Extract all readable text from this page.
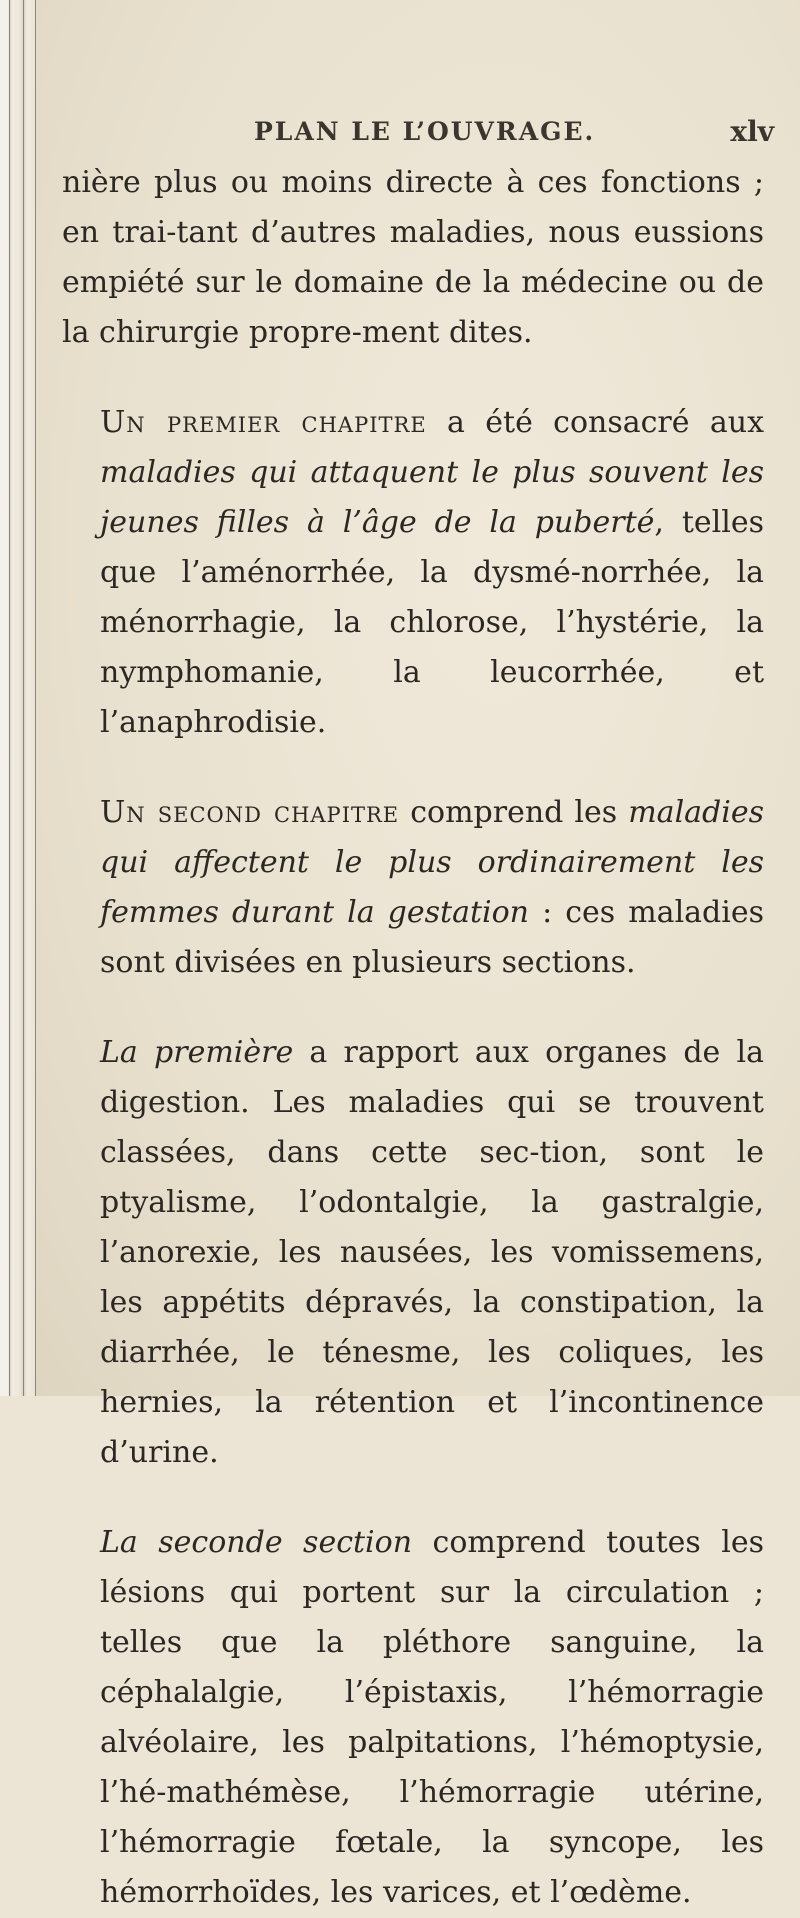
PLAN LE L’OUVRAGE.	xlv

nière plus ou moins directe à ces fonctions ; en trai-tant d’autres maladies, nous eussions empiété sur le domaine de la médecine ou de la chirurgie propre-ment dites.

Un premier chapitre a été consacré aux maladies qui attaquent le plus souvent les jeunes filles à l’âge de la puberté, telles que l’aménorrhée, la dysmé-norrhée, la ménorrhagie, la chlorose, l’hystérie, la nymphomanie, la leucorrhée, et l’anaphrodisie.

Un second chapitre comprend les maladies qui affectent le plus ordinairement les femmes durant la gestation : ces maladies sont divisées en plusieurs sections.

La première a rapport aux organes de la digestion. Les maladies qui se trouvent classées, dans cette sec-tion, sont le ptyalisme, l’odontalgie, la gastralgie, l’anorexie, les nausées, les vomissemens, les appétits dépravés, la constipation, la diarrhée, le ténesme, les coliques, les hernies, la rétention et l’incontinence d’urine.

La seconde section comprend toutes les lésions qui portent sur la circulation ; telles que la pléthore sanguine, la céphalalgie, l’épistaxis, l’hémorragie alvéolaire, les palpitations, l’hémoptysie, l’hé-mathémèse, l’hémorragie utérine, l’hémorragie fœtale, la syncope, les hémorrhoïdes, les varices, et l’œdème.
